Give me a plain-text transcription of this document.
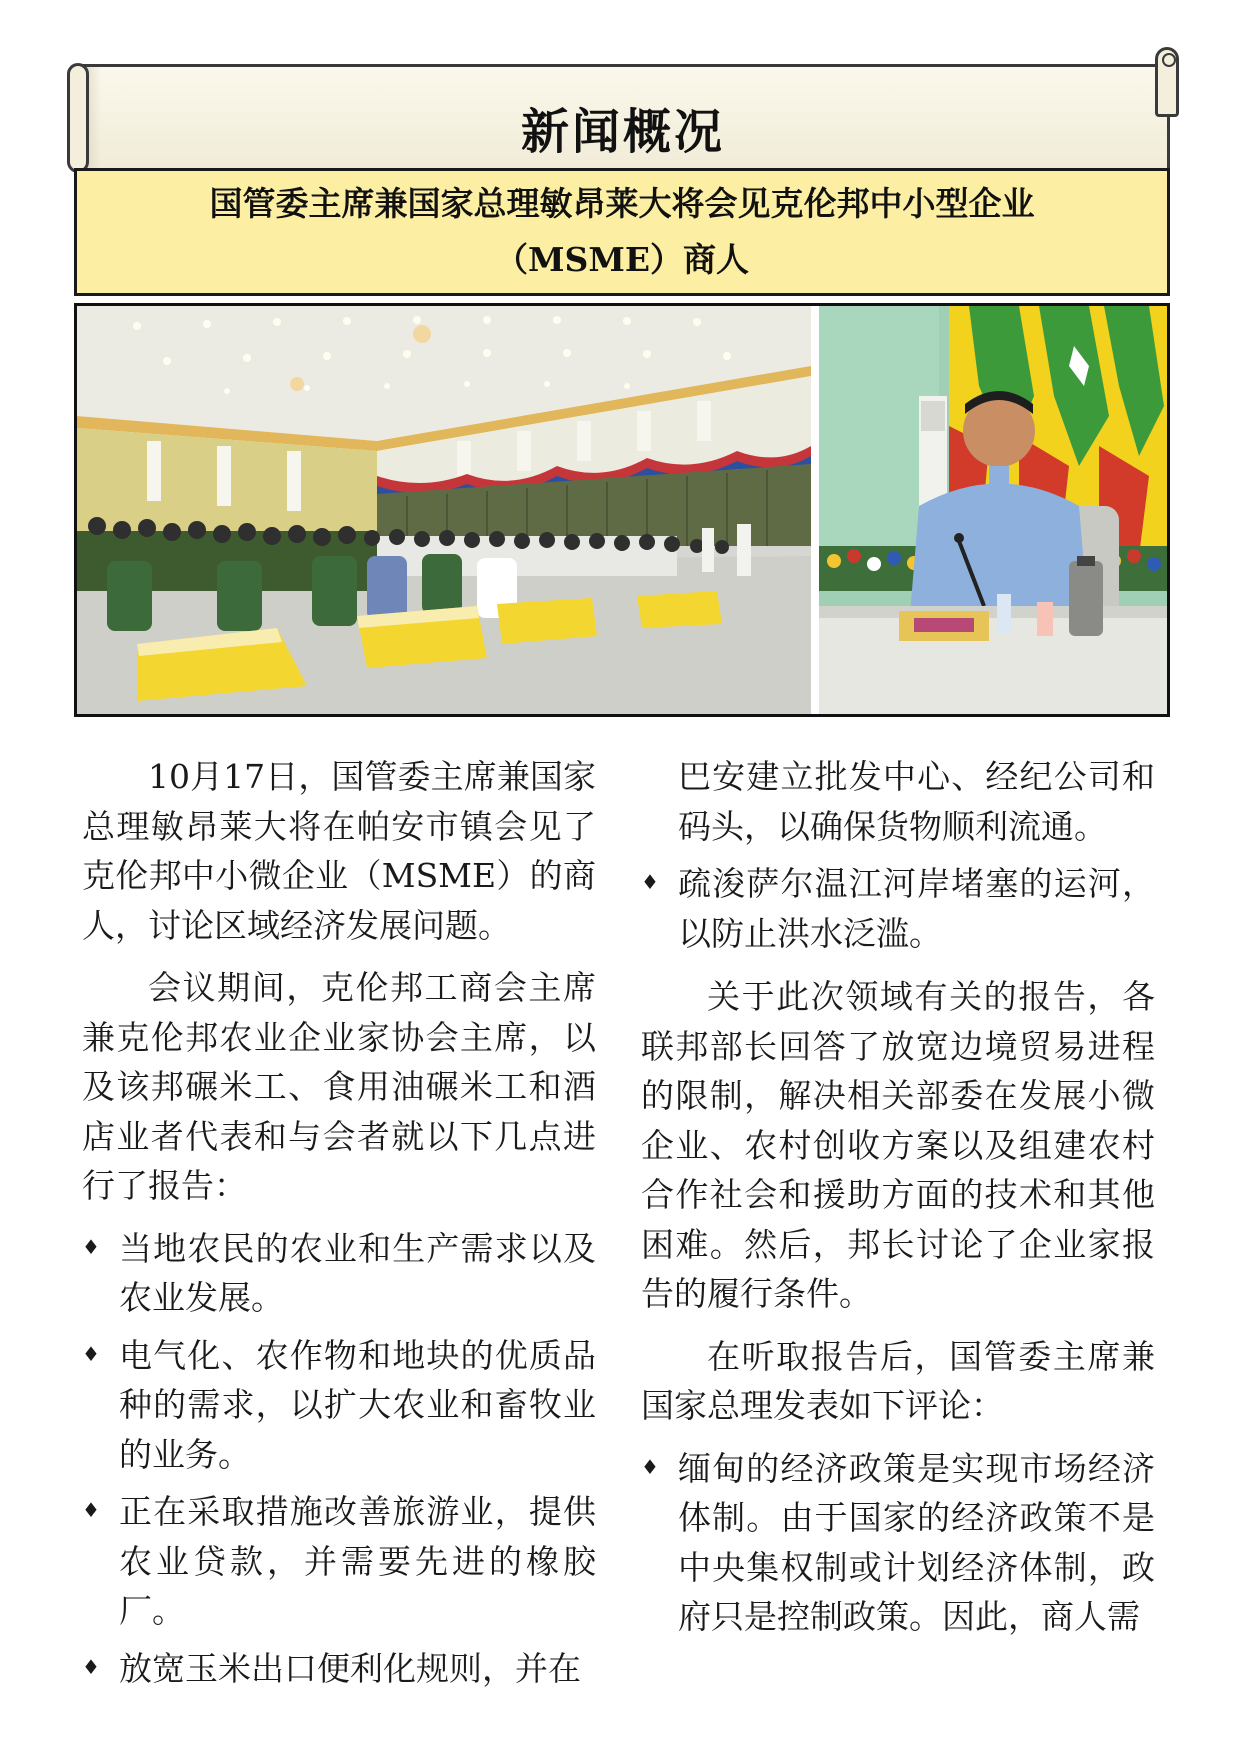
新闻概况
国管委主席兼国家总理敏昂莱大将会见克伦邦中小型企业
（MSME）商人

10月17日，国管委主席兼国家总理敏昂莱大将在帕安市镇会见了克伦邦中小微企业（MSME）的商人，讨论区域经济发展问题。

会议期间，克伦邦工商会主席兼克伦邦农业企业家协会主席，以及该邦碾米工、食用油碾米工和酒店业者代表和与会者就以下几点进行了报告：

♦ 当地农民的农业和生产需求以及农业发展。
♦ 电气化、农作物和地块的优质品种的需求，以扩大农业和畜牧业的业务。
♦ 正在采取措施改善旅游业，提供农业贷款，并需要先进的橡胶厂。
♦ 放宽玉米出口便利化规则，并在
巴安建立批发中心、经纪公司和码头，以确保货物顺利流通。
♦ 疏浚萨尔温江河岸堵塞的运河，以防止洪水泛滥。

关于此次领域有关的报告，各联邦部长回答了放宽边境贸易进程的限制，解决相关部委在发展小微企业、农村创收方案以及组建农村合作社会和援助方面的技术和其他困难。然后，邦长讨论了企业家报告的履行条件。

在听取报告后，国管委主席兼国家总理发表如下评论：

♦ 缅甸的经济政策是实现市场经济体制。由于国家的经济政策不是中央集权制或计划经济体制，政府只是控制政策。因此，商人需
